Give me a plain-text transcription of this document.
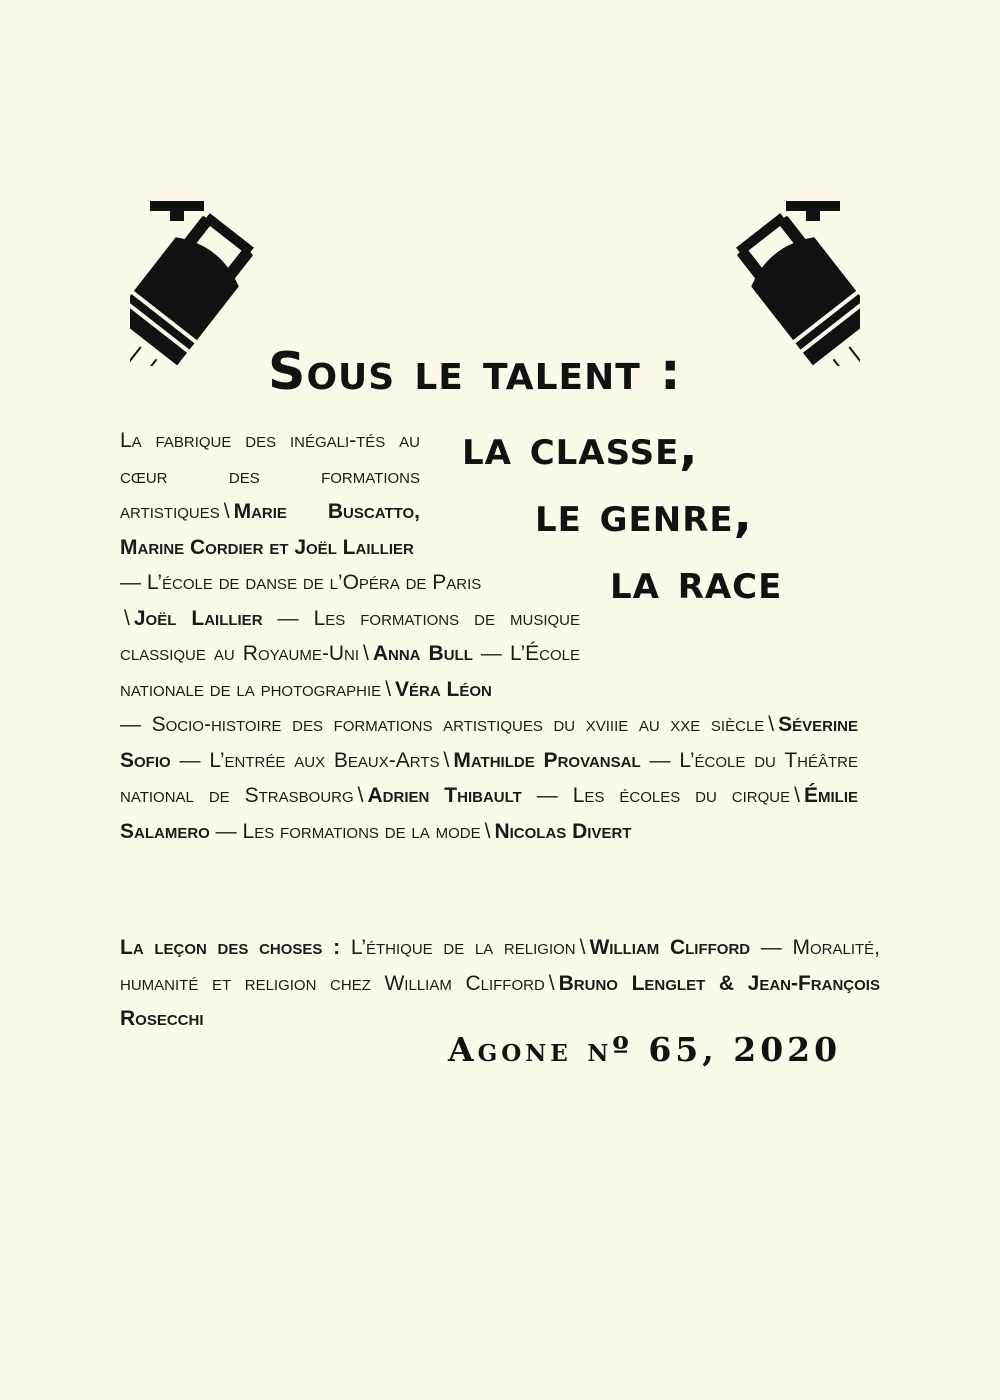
Sous le talent :
la classe,
le genre,
la race
La fabrique des inégali-tés au cœur des formations artistiques \ Marie Buscatto, Marine Cordier et Joël Laillier
— L’école de danse de l’Opéra de Paris
\ Joël Laillier — Les formations de musique classique au Royaume-Uni \ Anna Bull — L’École nationale de la photographie \ Véra Léon
— Socio-histoire des formations artistiques du xviiie au xxe siècle \ Séverine Sofio — L’entrée aux Beaux-Arts \ Mathilde Provansal — L’école du Théâtre national de Strasbourg \ Adrien Thibault — Les écoles du cirque \ Émilie Salamero — Les formations de la mode \ Nicolas Divert
La leçon des choses : L’éthique de la religion \ William Clifford — Moralité, humanité et religion chez William Clifford \ Bruno Lenglet & Jean-François Rosecchi
Agone nº 65, 2020
